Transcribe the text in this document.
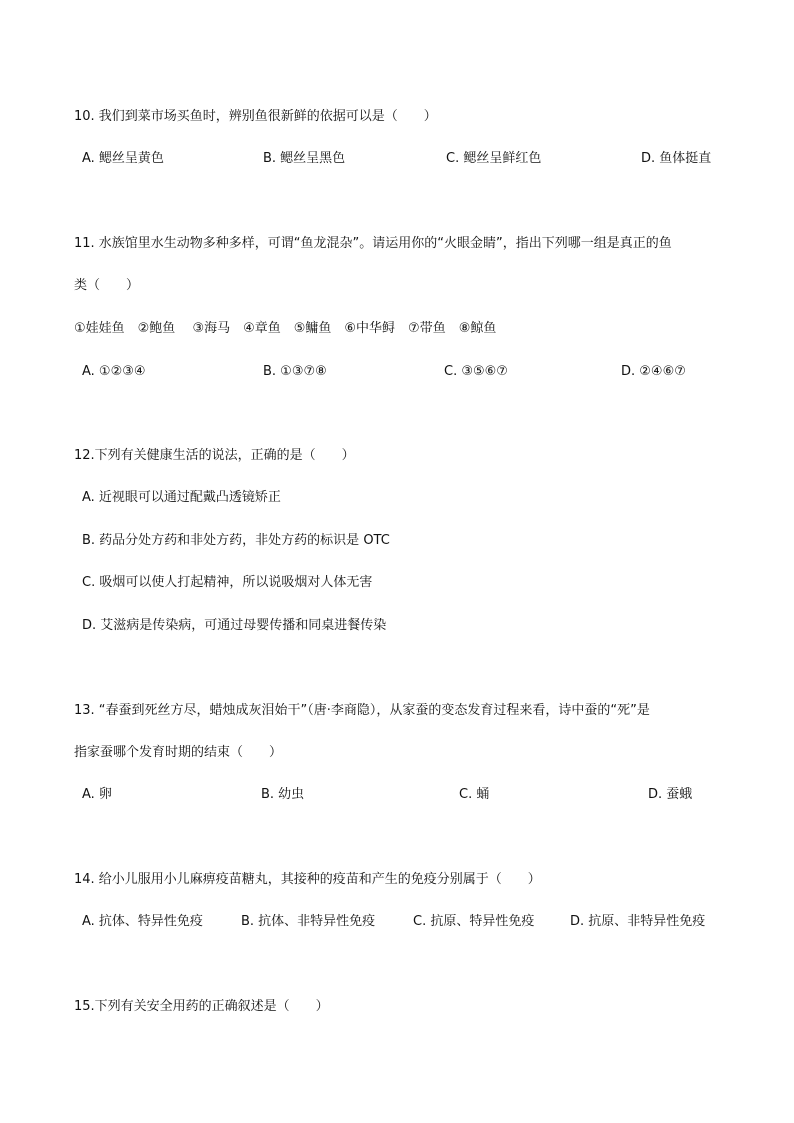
10. 我们到菜市场买鱼时，辨别鱼很新鲜的依据可以是（　　）
A. 鳃丝呈黄色	B. 鳃丝呈黑色	C. 鳃丝呈鲜红色	D. 鱼体挺直
11. 水族馆里水生动物多种多样，可谓“鱼龙混杂”。请运用你的“火眼金睛”，指出下列哪一组是真正的鱼
类（　　）
①娃娃鱼　②鲍鱼　 ③海马　④章鱼　⑤鳙鱼　⑥中华鲟　⑦带鱼　⑧鲸鱼
A. ①②③④	B. ①③⑦⑧	C. ③⑤⑥⑦	D. ②④⑥⑦
12.下列有关健康生活的说法，正确的是（　　）
A. 近视眼可以通过配戴凸透镜矫正
B. 药品分处方药和非处方药，非处方药的标识是 OTC
C. 吸烟可以使人打起精神，所以说吸烟对人体无害
D. 艾滋病是传染病，可通过母婴传播和同桌进餐传染
13. “春蚕到死丝方尽，蜡烛成灰泪始干”（唐·李商隐），从家蚕的变态发育过程来看，诗中蚕的“死”是
指家蚕哪个发育时期的结束（　　）
A. 卵	B. 幼虫	C. 蛹	D. 蚕蛾
14. 给小儿服用小儿麻痹疫苗糖丸，其接种的疫苗和产生的免疫分别属于（　　）
A. 抗体、特异性免疫	B. 抗体、非特异性免疫	C. 抗原、特异性免疫	D. 抗原、非特异性免疫
15.下列有关安全用药的正确叙述是（　　）
